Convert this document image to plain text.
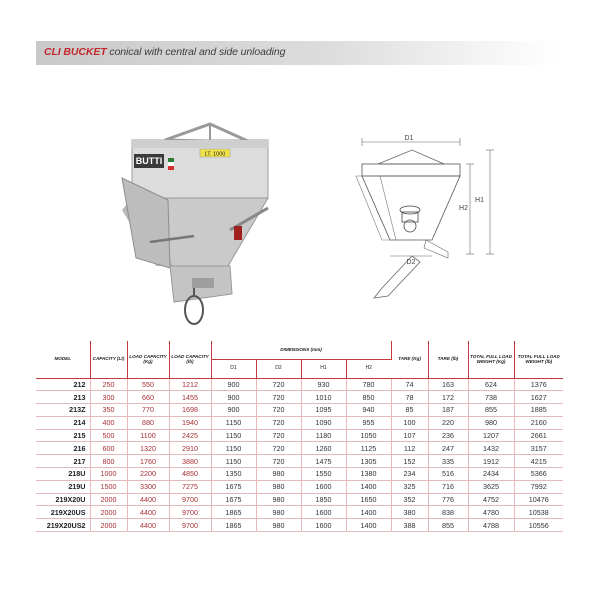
CLI BUCKET conical with central and side unloading
BUTTI
LT. 1000
D1
D2
H1
H2
MODEL	CAPACITY (Lt)	LOAD CAPACITY (Kg)	LOAD CAPACITY (lb)	DIMENSIONS (mm)				TARE (Kg)	TARE (lb)	TOTAL FULL LOAD WEIGHT (Kg)	TOTAL FULL LOAD WEIGHT (lb)
				D1	D2	H1	H2				
212	250	550	1212	900	720	930	780	74	163	624	1376
213	300	660	1455	900	720	1010	850	78	172	738	1627
213Z	350	770	1698	900	720	1095	940	85	187	855	1885
214	400	880	1940	1150	720	1090	955	100	220	980	2160
215	500	1100	2425	1150	720	1180	1050	107	236	1207	2661
216	600	1320	2910	1150	720	1260	1125	112	247	1432	3157
217	800	1760	3880	1150	720	1475	1305	152	335	1912	4215
218U	1000	2200	4850	1350	980	1550	1380	234	516	2434	5366
219U	1500	3300	7275	1675	980	1600	1400	325	716	3625	7992
219X20U	2000	4400	9700	1675	980	1850	1650	352	776	4752	10476
219X20US	2000	4400	9700	1865	980	1600	1400	380	838	4780	10538
219X20US2	2000	4400	9700	1865	980	1600	1400	388	855	4788	10556
